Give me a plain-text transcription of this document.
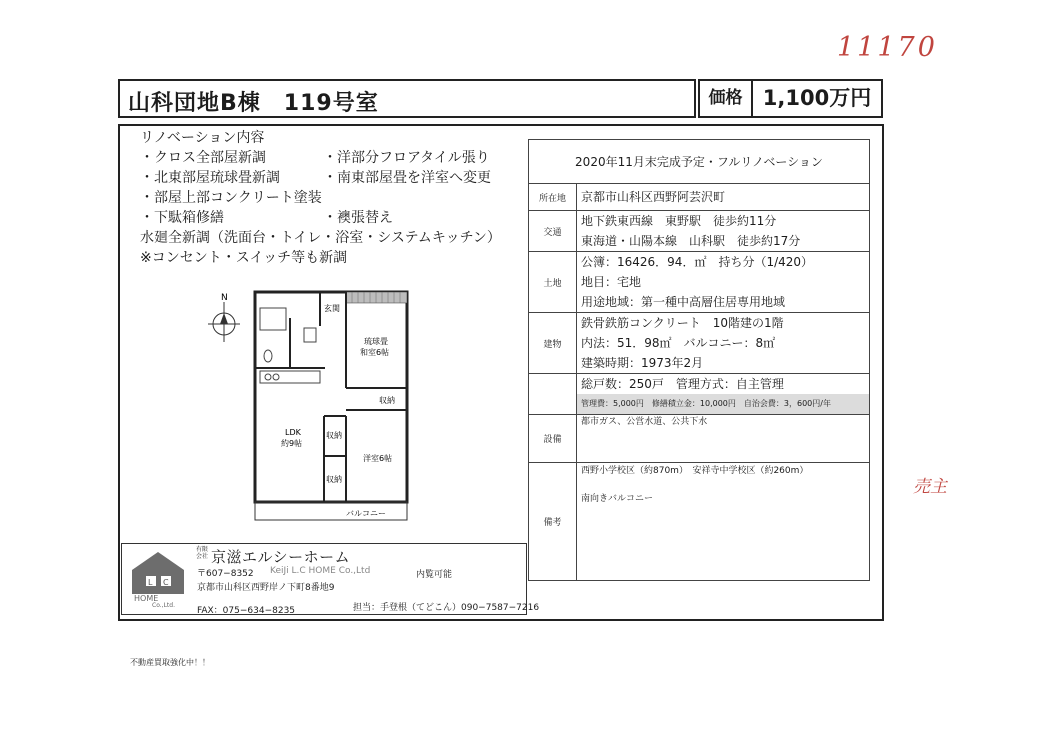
11170
売主
山科団地B棟　119号室	価格 1,100万円
リノベーション内容
・クロス全部屋新調	・洋部分フロアタイル張り
・北東部屋琉球畳新調	・南東部屋畳を洋室へ変更
・部屋上部コンクリート塗装
・下駄箱修繕	・襖張替え
水廻全新調（洗面台・トイレ・浴室・システムキッチン）
※コンセント・スイッチ等も新調
N
玄関
琉球畳
和室6帖
収納
LDK
約9帖
収納
洋室6帖
収納
バルコニー
2020年11月末完成予定・フルリノベーション	
所在地	京都市山科区西野阿芸沢町

交通	地下鉄東西線　東野駅　徒歩約11分
東海道・山陽本線　山科駅　徒歩約17分

土地	公簿：16426．94．㎡　持ち分（1/420）
地目：宅地
用途地域：第一種中高層住居専用地域

建物	鉄骨鉄筋コンクリート　10階建の1階
内法：51．98㎡　バルコニー：8㎡
建築時期：1973年2月

	総戸数：250戸　管理方式：自主管理
管理費：5,000円　修繕積立金：10,000円　自治会費：3，600円/年

設備	都市ガス、公営水道、公共下水

備考	西野小学校区（約870m）　安祥寺中学校区（約260m）
南向きバルコニー
L C
HOME
Co.,Ltd.
有限
会社 京滋エルシーホーム
〒607−8352 KeiJi L.C HOME Co.,Ltd
京都市山科区西野岸ノ下町8番地9
FAX：075−634−8235
内覧可能
担当：手登根（てどこん）090−7587−7216
不動産買取強化中！！
